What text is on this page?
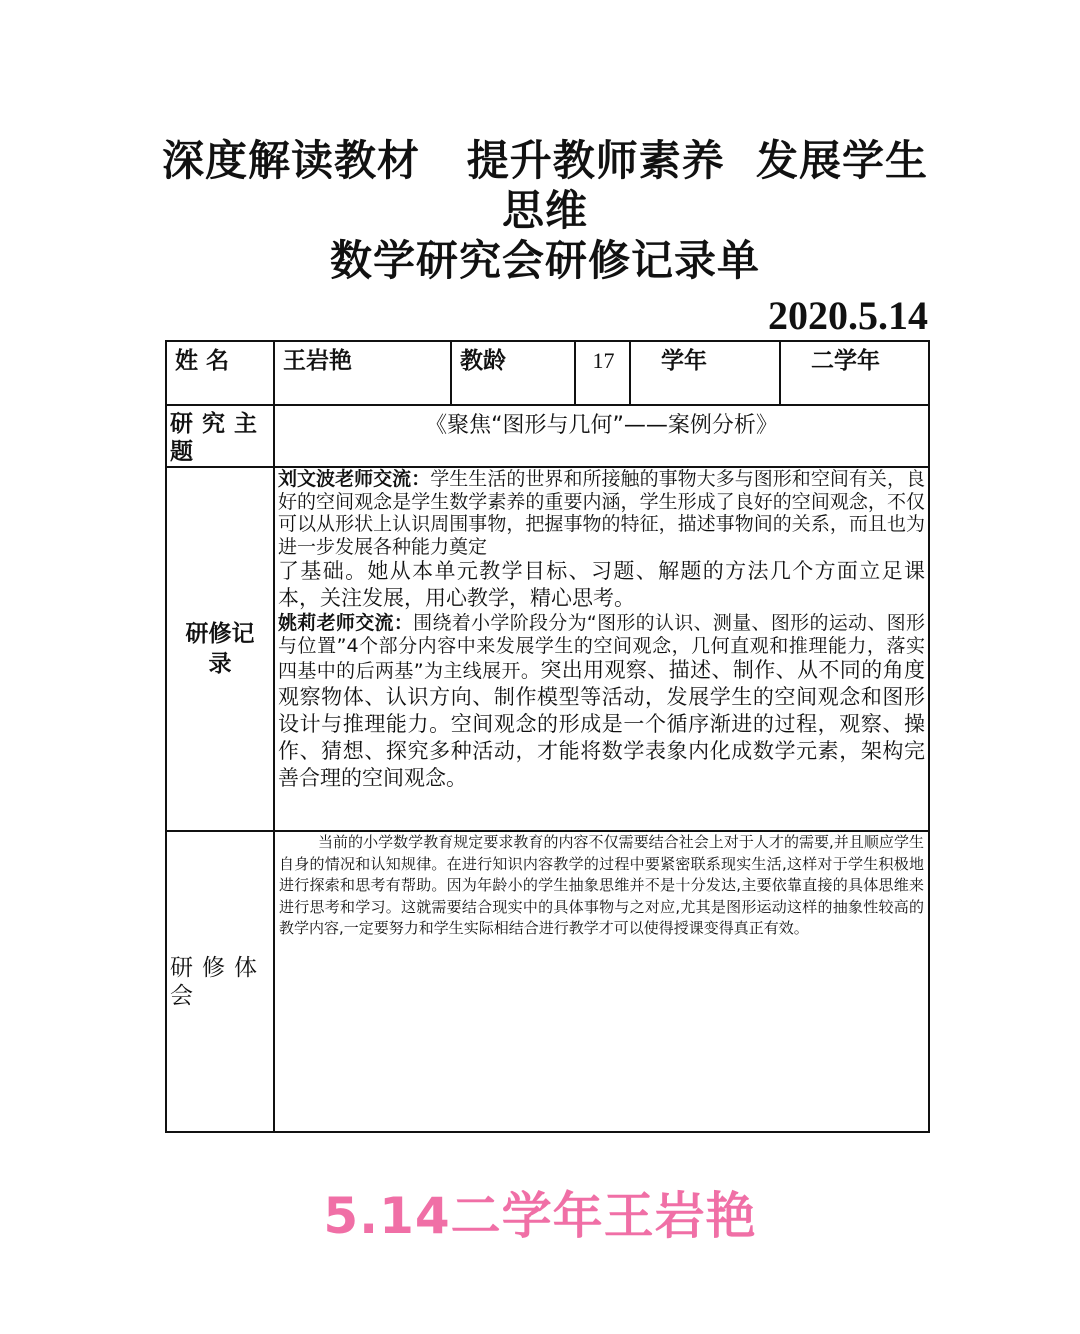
深度解读教材   提升教师素养  发展学生
思维
数学研究会研修记录单
2020.5.14
姓 名	王岩艳	教龄	17	学年	二学年
研究主题	《聚焦“图形与几何”——案例分析》				
研修记录	刘文波老师交流：学生生活的世界和所接触的事物大多与图形和空间有关，良好的空间观念是学生数学素养的重要内涵，学生形成了良好的空间观念，不仅可以从形状上认识周围事物，把握事物的特征，描述事物间的关系，而且也为进一步发展各种能力奠定

了基础。她从本单元教学目标、习题、解题的方法几个方面立足课本，关注发展，用心教学，精心思考。

姚莉老师交流：围绕着小学阶段分为“图形的认识、测量、图形的运动、图形与位置”4个部分内容中来发展学生的空间观念，几何直观和推理能力，落实四基中的后两基”为主线展开。突出用观察、描述、制作、从不同的角度观察物体、认识方向、制作模型等活动，发展学生的空间观念和图形设计与推理能力。空间观念的形成是一个循序渐进的过程，观察、操作、猜想、探究多种活动，才能将数学表象内化成数学元素，架构完善合理的空间观念。				

研修体会	当前的小学数学教育规定要求教育的内容不仅需要结合社会上对于人才的需要,并且顺应学生自身的情况和认知规律。在进行知识内容教学的过程中要紧密联系现实生活,这样对于学生积极地进行探索和思考有帮助。因为年龄小的学生抽象思维并不是十分发达,主要依靠直接的具体思维来进行思考和学习。这就需要结合现实中的具体事物与之对应,尤其是图形运动这样的抽象性较高的教学内容,一定要努力和学生实际相结合进行教学才可以使得授课变得真正有效。				
5.14二学年王岩艳
